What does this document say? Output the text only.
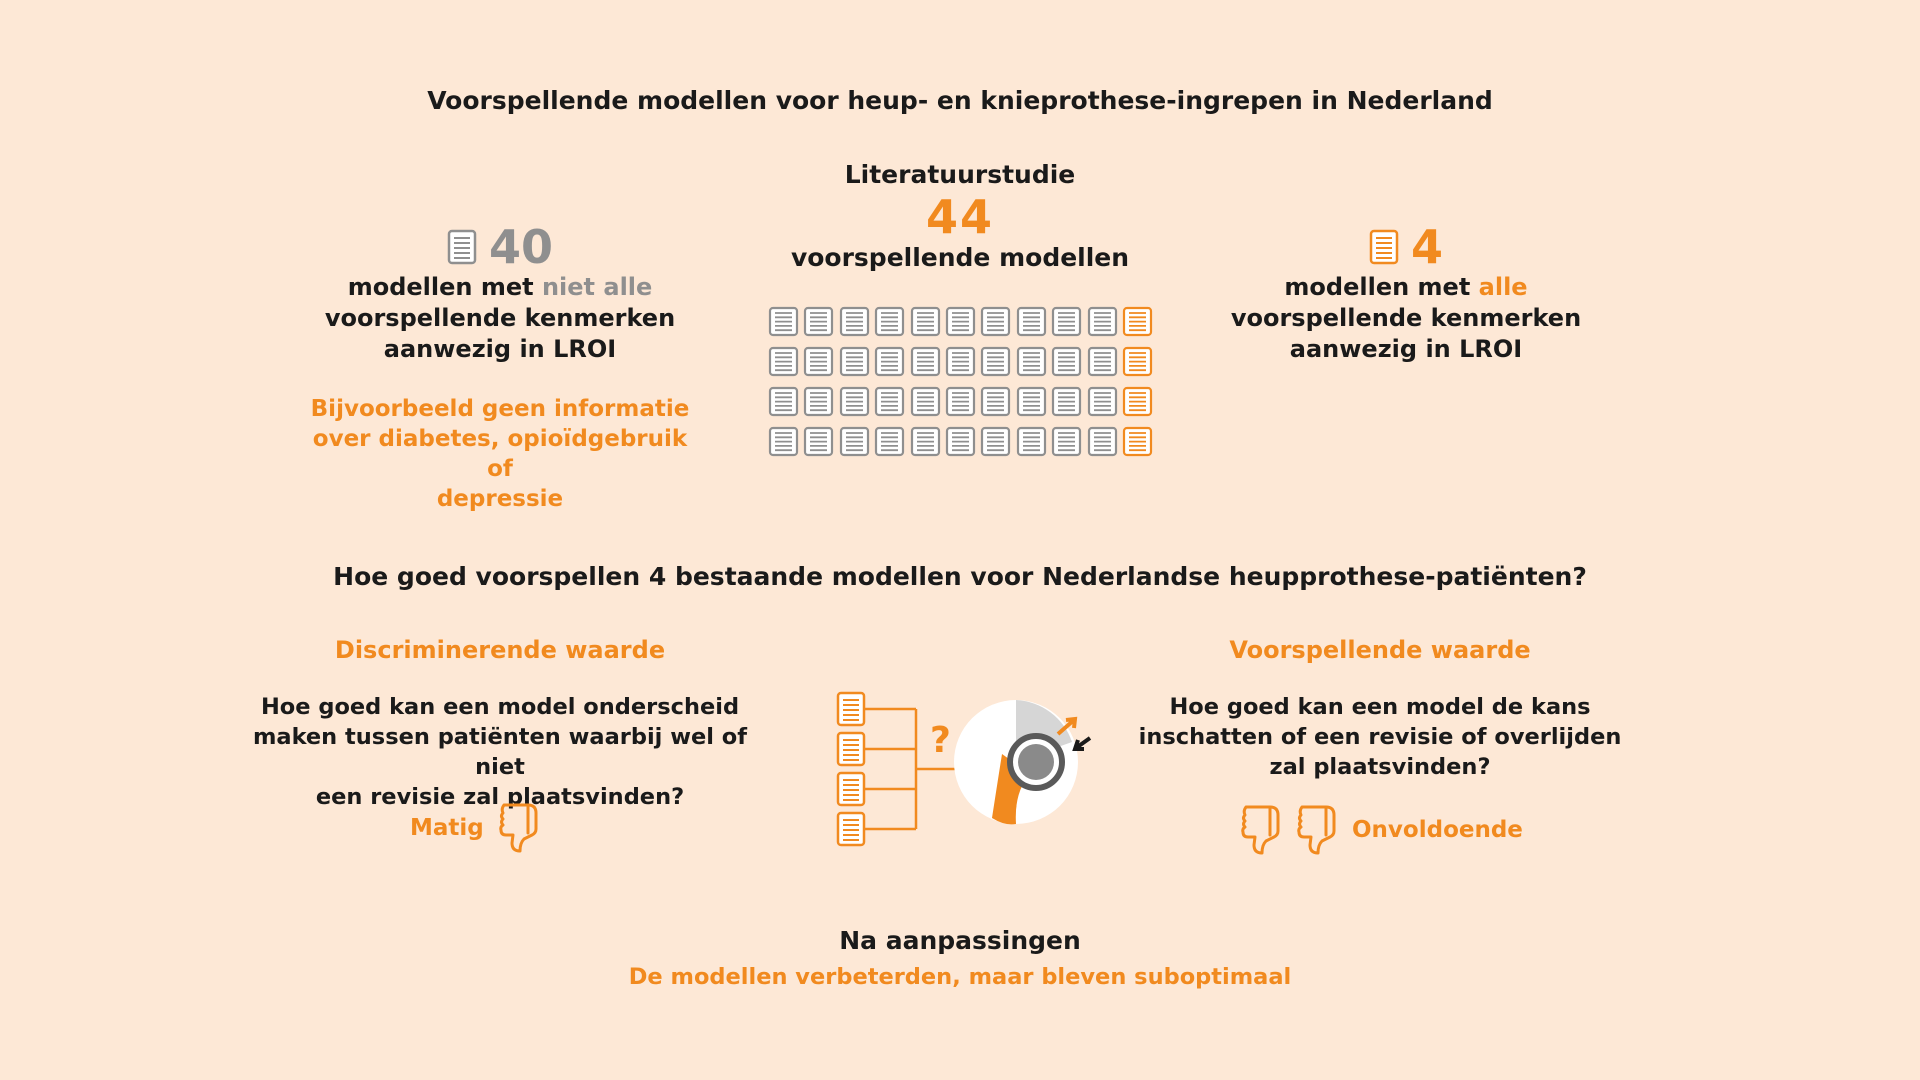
Voorspellende modellen voor heup- en knieprothese-ingrepen in Nederland
Literatuurstudie
44
voorspellende modellen
40
modellen met niet alle
voorspellende kenmerken
aanwezig in LROI
Bijvoorbeeld geen informatie
over diabetes, opioïdgebruik of
depressie
4
modellen met alle
voorspellende kenmerken
aanwezig in LROI
Hoe goed voorspellen 4 bestaande modellen voor Nederlandse heupprothese-patiënten?
Discriminerende waarde
Hoe goed kan een model onderscheid
maken tussen patiënten waarbij wel of niet
een revisie zal plaatsvinden?
Matig
Voorspellende waarde
Hoe goed kan een model de kans
inschatten of een revisie of overlijden
zal plaatsvinden?
Onvoldoende
?
Na aanpassingen
De modellen verbeterden, maar bleven suboptimaal
